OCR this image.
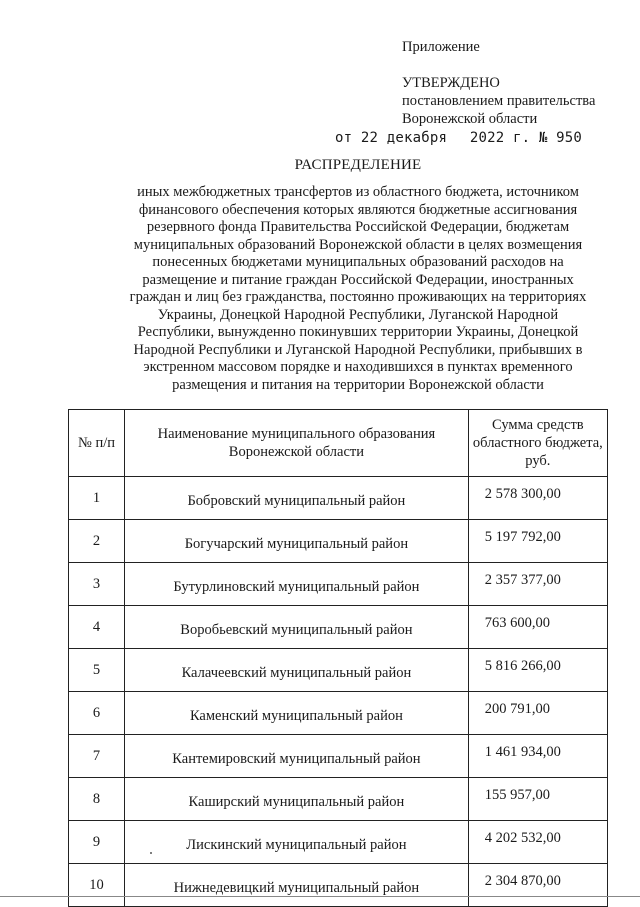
Приложение
УТВЕРЖДЕНО
постановлением правительства
Воронежской области
от 22 декабря 2022 г. № 950
РАСПРЕДЕЛЕНИЕ
иных межбюджетных трансфертов из областного бюджета, источником
финансового обеспечения которых являются бюджетные ассигнования
резервного фонда Правительства Российской Федерации, бюджетам
муниципальных образований Воронежской области в целях возмещения
понесенных бюджетами муниципальных образований расходов на
размещение и питание граждан Российской Федерации, иностранных
граждан и лиц без гражданства, постоянно проживающих на территориях
Украины, Донецкой Народной Республики, Луганской Народной
Республики, вынужденно покинувших территории Украины, Донецкой
Народной Республики и Луганской Народной Республики, прибывших в
экстренном массовом порядке и находившихся в пунктах временного
размещения и питания на территории Воронежской области
№ п/п	Наименование муниципального образования Воронежской области	Сумма средств областного бюджета, руб.
1	Бобровский муниципальный район	2 578 300,00
2	Богучарский муниципальный район	5 197 792,00
3	Бутурлиновский муниципальный район	2 357 377,00
4	Воробьевский муниципальный район	763 600,00
5	Калачеевский муниципальный район	5 816 266,00
6	Каменский муниципальный район	200 791,00
7	Кантемировский муниципальный район	1 461 934,00
8	Каширский муниципальный район	155 957,00
9	Лискинский муниципальный район	4 202 532,00
10	Нижнедевицкий муниципальный район	2 304 870,00
